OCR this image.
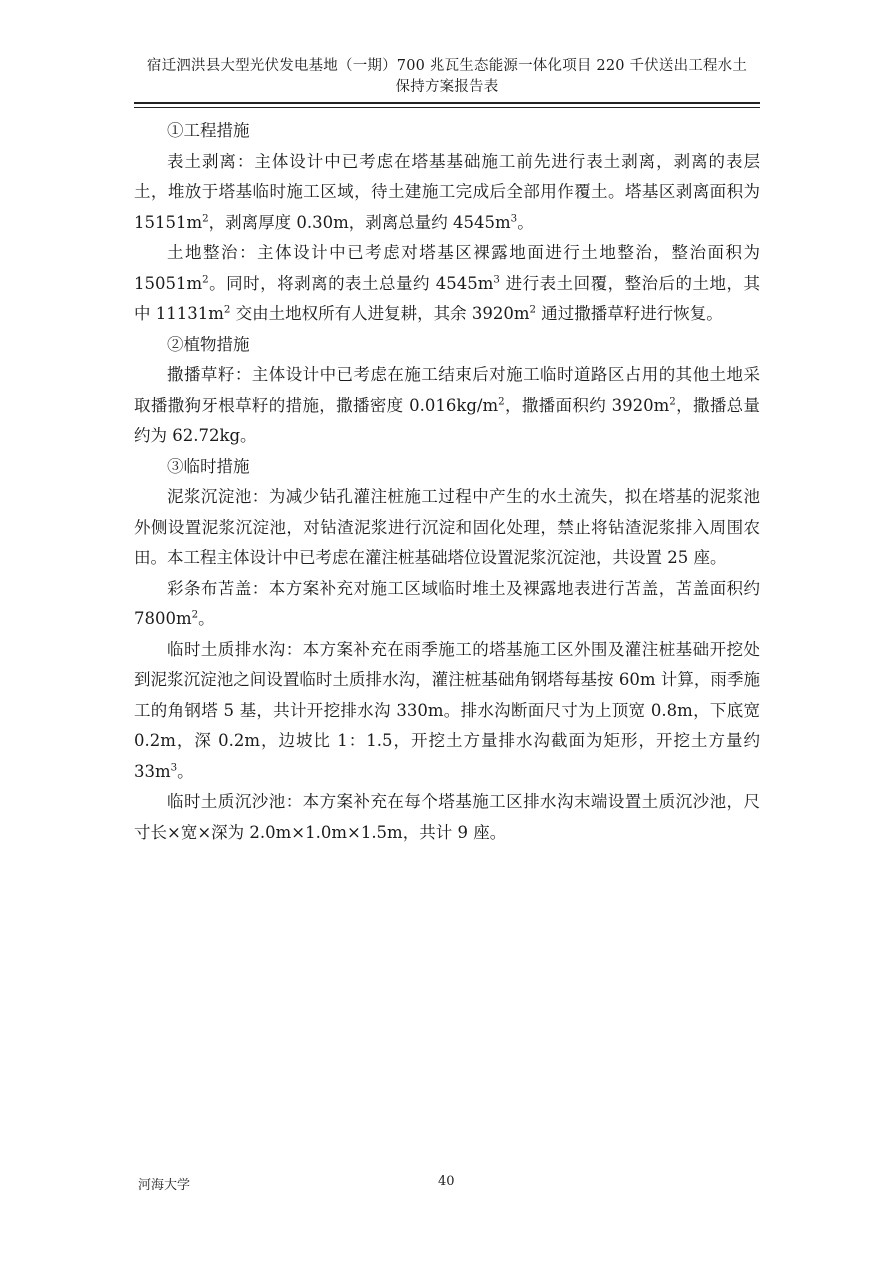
宿迁泗洪县大型光伏发电基地（一期）700 兆瓦生态能源一体化项目 220 千伏送出工程水土
保持方案报告表

①工程措施

表土剥离：主体设计中已考虑在塔基基础施工前先进行表土剥离，剥离的表层土，堆放于塔基临时施工区域，待土建施工完成后全部用作覆土。塔基区剥离面积为 $15151m^2$，剥离厚度 0.30m，剥离总量约 $4545m^3$。

土地整治：主体设计中已考虑对塔基区裸露地面进行土地整治，整治面积为 $15051m^2$。同时，将剥离的表土总量约 $4545m^3$ 进行表土回覆，整治后的土地，其中 $11131m^2$ 交由土地权所有人进复耕，其余 $3920m^2$ 通过撒播草籽进行恢复。

②植物措施

撒播草籽：主体设计中已考虑在施工结束后对施工临时道路区占用的其他土地采取播撒狗牙根草籽的措施，撒播密度 $0.016kg/m^2$，撒播面积约 $3920m^2$，撒播总量约为 62.72kg。

③临时措施

泥浆沉淀池：为减少钻孔灌注桩施工过程中产生的水土流失，拟在塔基的泥浆池外侧设置泥浆沉淀池，对钻渣泥浆进行沉淀和固化处理，禁止将钻渣泥浆排入周围农田。本工程主体设计中已考虑在灌注桩基础塔位设置泥浆沉淀池，共设置 25 座。

彩条布苫盖：本方案补充对施工区域临时堆土及裸露地表进行苫盖，苫盖面积约 $7800m^2$。

临时土质排水沟：本方案补充在雨季施工的塔基施工区外围及灌注桩基础开挖处到泥浆沉淀池之间设置临时土质排水沟，灌注桩基础角钢塔每基按 60m 计算，雨季施工的角钢塔 5 基，共计开挖排水沟 330m。排水沟断面尺寸为上顶宽 0.8m，下底宽 0.2m，深 0.2m，边坡比 1：1.5，开挖土方量排水沟截面为矩形，开挖土方量约 $33m^3$。

临时土质沉沙池：本方案补充在每个塔基施工区排水沟末端设置土质沉沙池，尺寸长×宽×深为 2.0m×1.0m×1.5m，共计 9 座。

河海大学	40
